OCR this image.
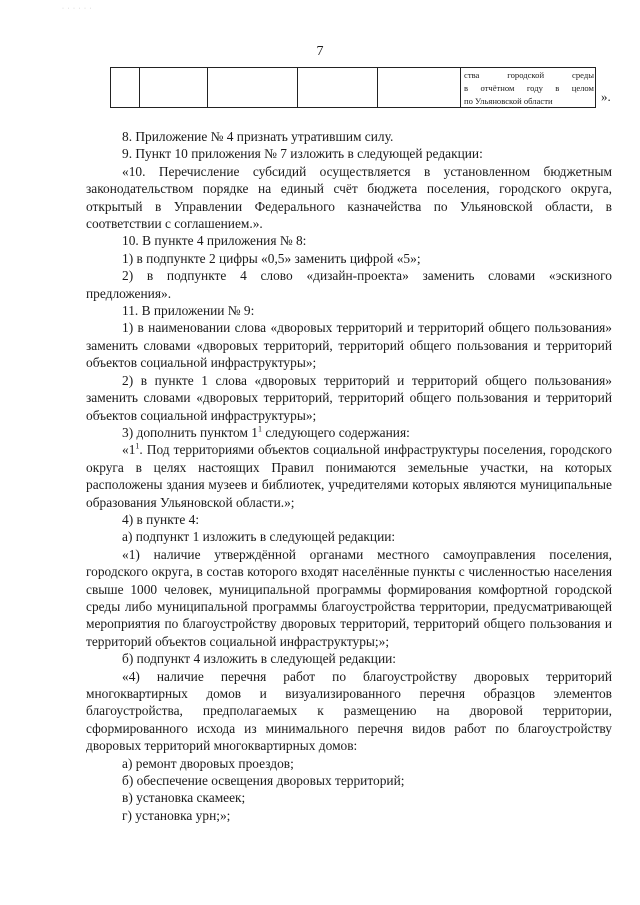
· · · · · ·
7
ства городской среды
в отчётном году в целом
по Ульяновской области	».

8. Приложение № 4 признать утратившим силу.

9. Пункт 10 приложения № 7 изложить в следующей редакции:

«10. Перечисление субсидий осуществляется в установленном бюджетным законодательством порядке на единый счёт бюджета поселения, городского округа, открытый в Управлении Федерального казначейства по Ульяновской области, в соответствии с соглашением.».

10. В пункте 4 приложения № 8:

1) в подпункте 2 цифры «0,5» заменить цифрой «5»;

2) в подпункте 4 слово «дизайн-проекта» заменить словами «эскизного предложения».

11. В приложении № 9:

1) в наименовании слова «дворовых территорий и территорий общего пользования» заменить словами «дворовых территорий, территорий общего пользования и территорий объектов социальной инфраструктуры»;

2) в пункте 1 слова «дворовых территорий и территорий общего пользования» заменить словами «дворовых территорий, территорий общего пользования и территорий объектов социальной инфраструктуры»;

3) дополнить пунктом $1^1$ следующего содержания:

«$1^1$. Под территориями объектов социальной инфраструктуры поселения, городского округа в целях настоящих Правил понимаются земельные участки, на которых расположены здания музеев и библиотек, учредителями которых являются муниципальные образования Ульяновской области.»;

4) в пункте 4:

а) подпункт 1 изложить в следующей редакции:

«1) наличие утверждённой органами местного самоуправления поселения, городского округа, в состав которого входят населённые пункты с численностью населения свыше 1000 человек, муниципальной программы формирования комфортной городской среды либо муниципальной программы благоустройства территории, предусматривающей мероприятия по благоустройству дворовых территорий, территорий общего пользования и территорий объектов социальной инфраструктуры;»;

б) подпункт 4 изложить в следующей редакции:

«4) наличие перечня работ по благоустройству дворовых территорий многоквартирных домов и визуализированного перечня образцов элементов благоустройства, предполагаемых к размещению на дворовой территории, сформированного исхода из минимального перечня видов работ по благоустройству дворовых территорий многоквартирных домов:

а) ремонт дворовых проездов;

б) обеспечение освещения дворовых территорий;

в) установка скамеек;

г) установка урн;»;
